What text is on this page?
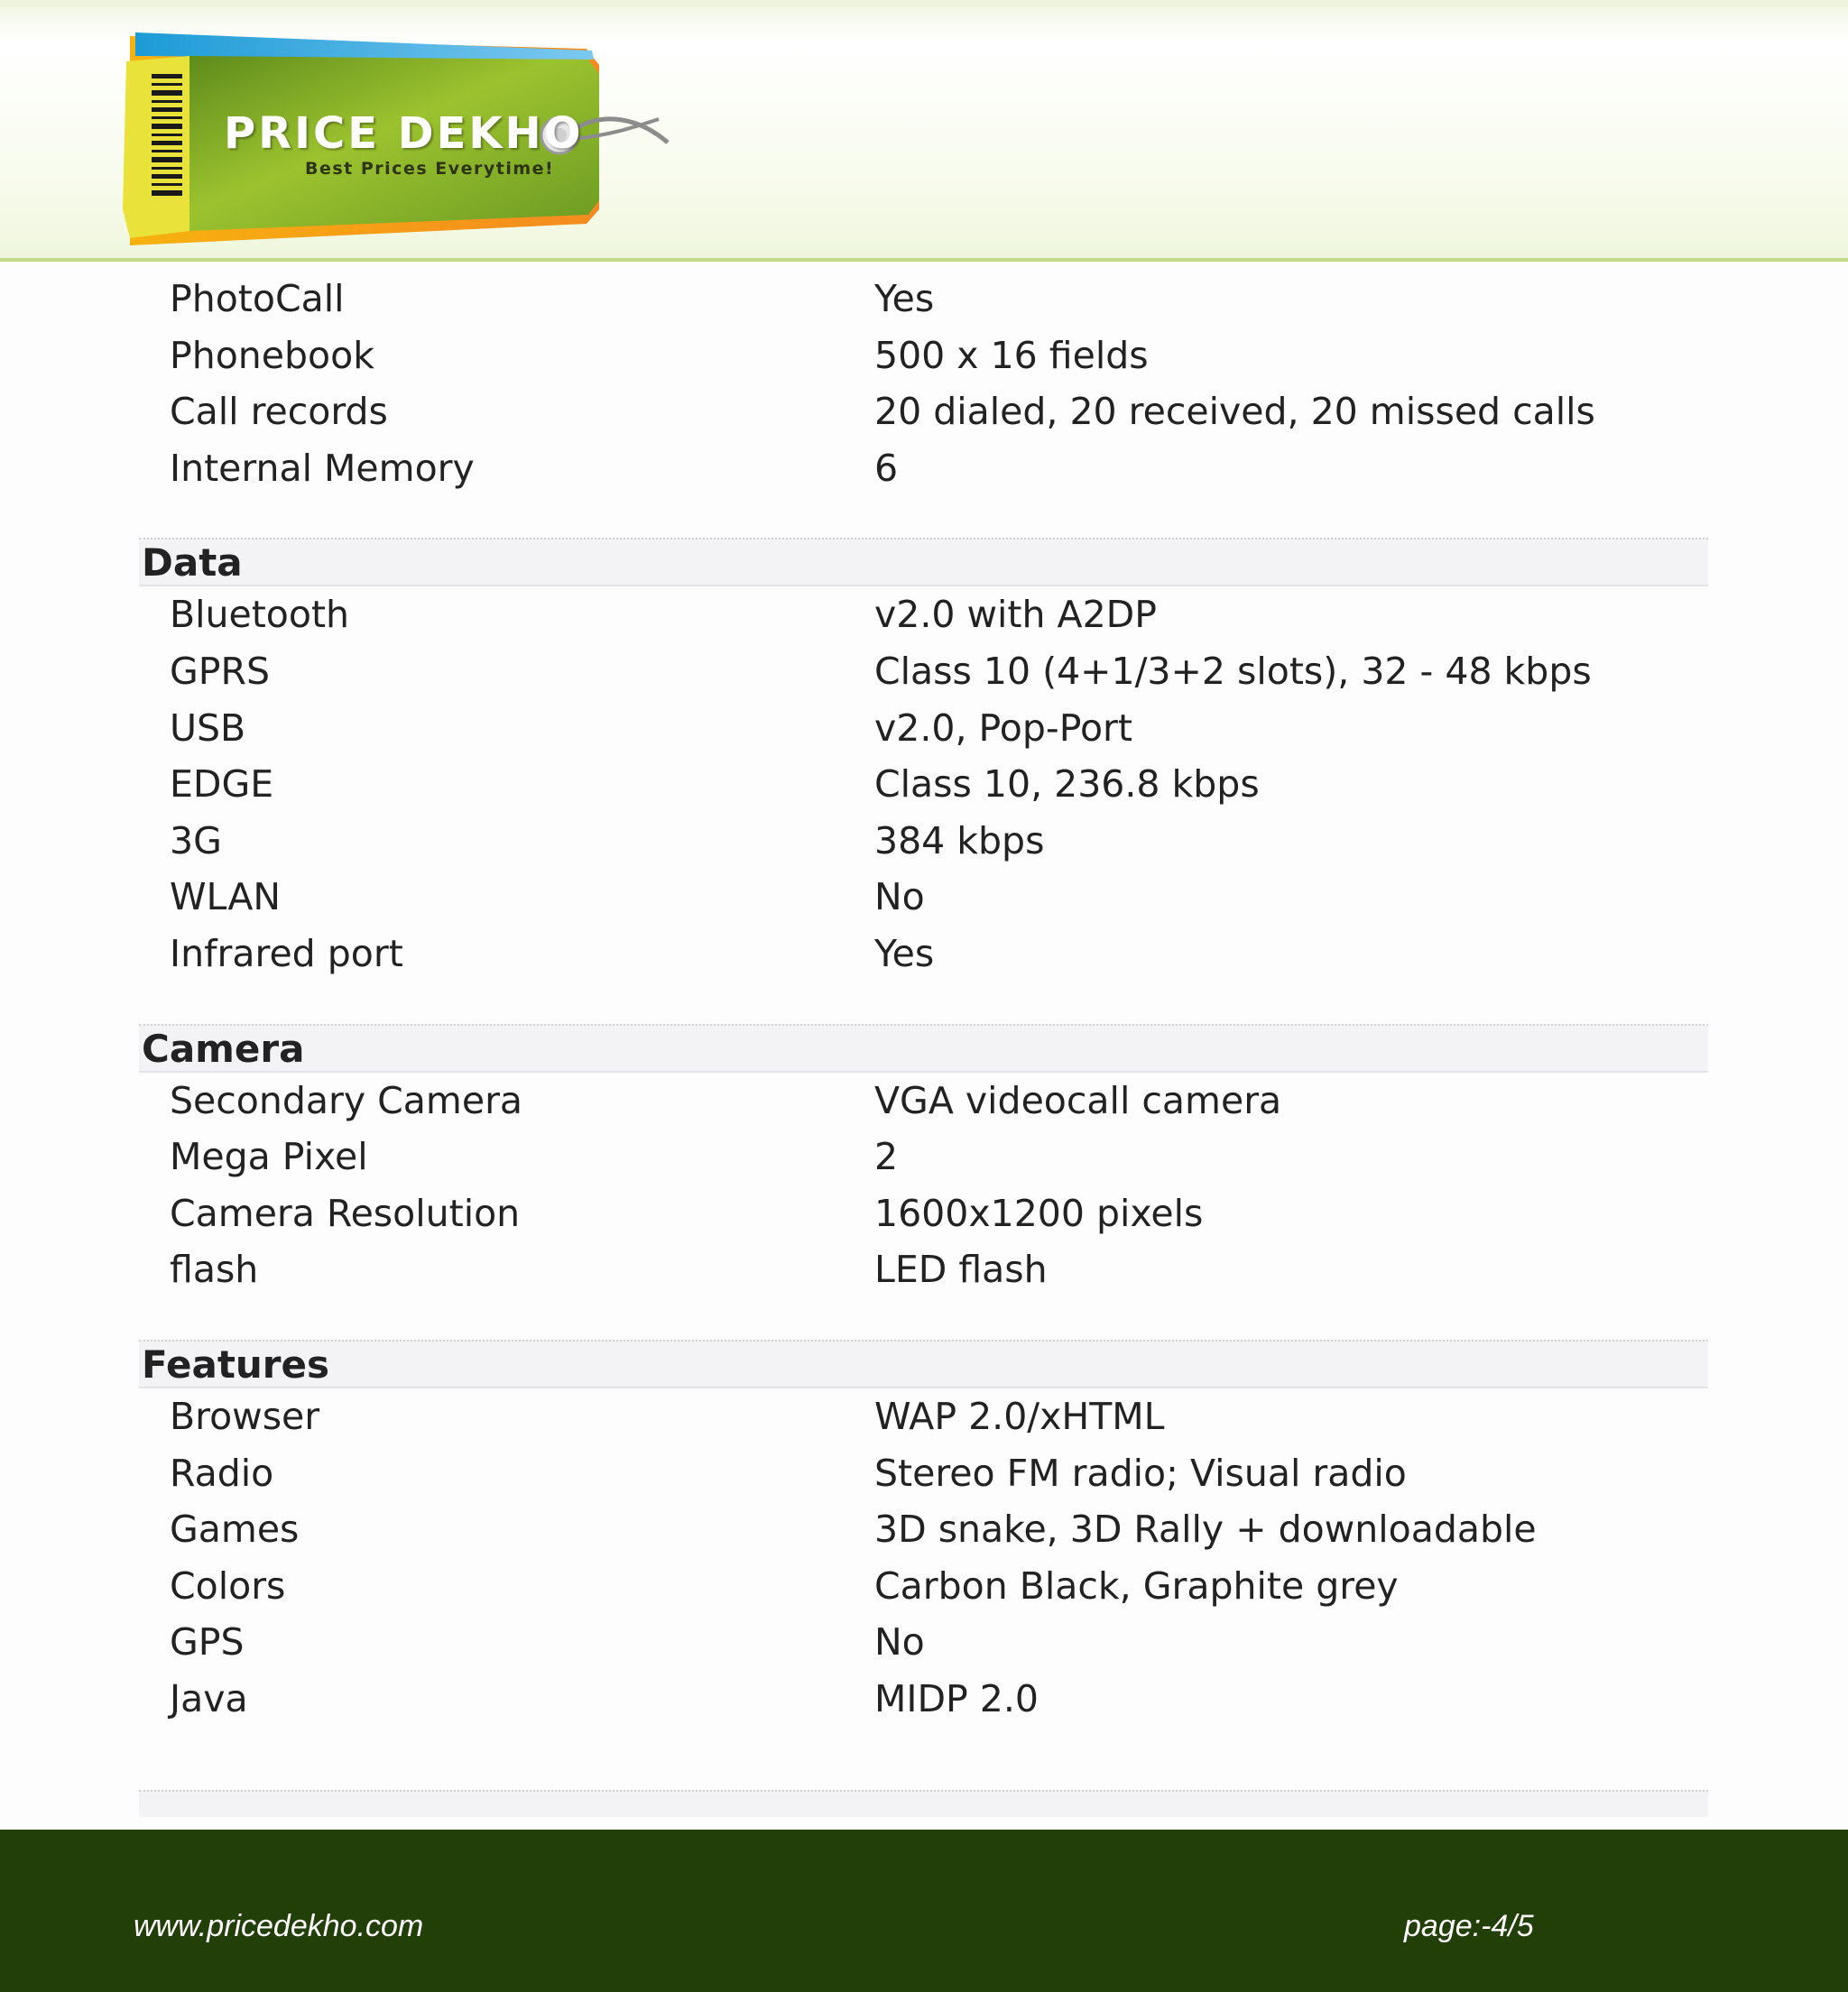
PRICE DEKHO
Best Prices Everytime!
PhotoCall	Yes
Phonebook	500 x 16 fields
Call records	20 dialed, 20 received, 20 missed calls
Internal Memory	6
Data
Bluetooth	v2.0 with A2DP
GPRS	Class 10 (4+1/3+2 slots), 32 - 48 kbps
USB	v2.0, Pop-Port
EDGE	Class 10, 236.8 kbps
3G	384 kbps
WLAN	No
Infrared port	Yes
Camera
Secondary Camera	VGA videocall camera
Mega Pixel	2
Camera Resolution	1600x1200 pixels
flash	LED flash
Features
Browser	WAP 2.0/xHTML
Radio	Stereo FM radio; Visual radio
Games	3D snake, 3D Rally + downloadable
Colors	Carbon Black, Graphite grey
GPS	No
Java	MIDP 2.0
www.pricedekho.com	page:-4/5
